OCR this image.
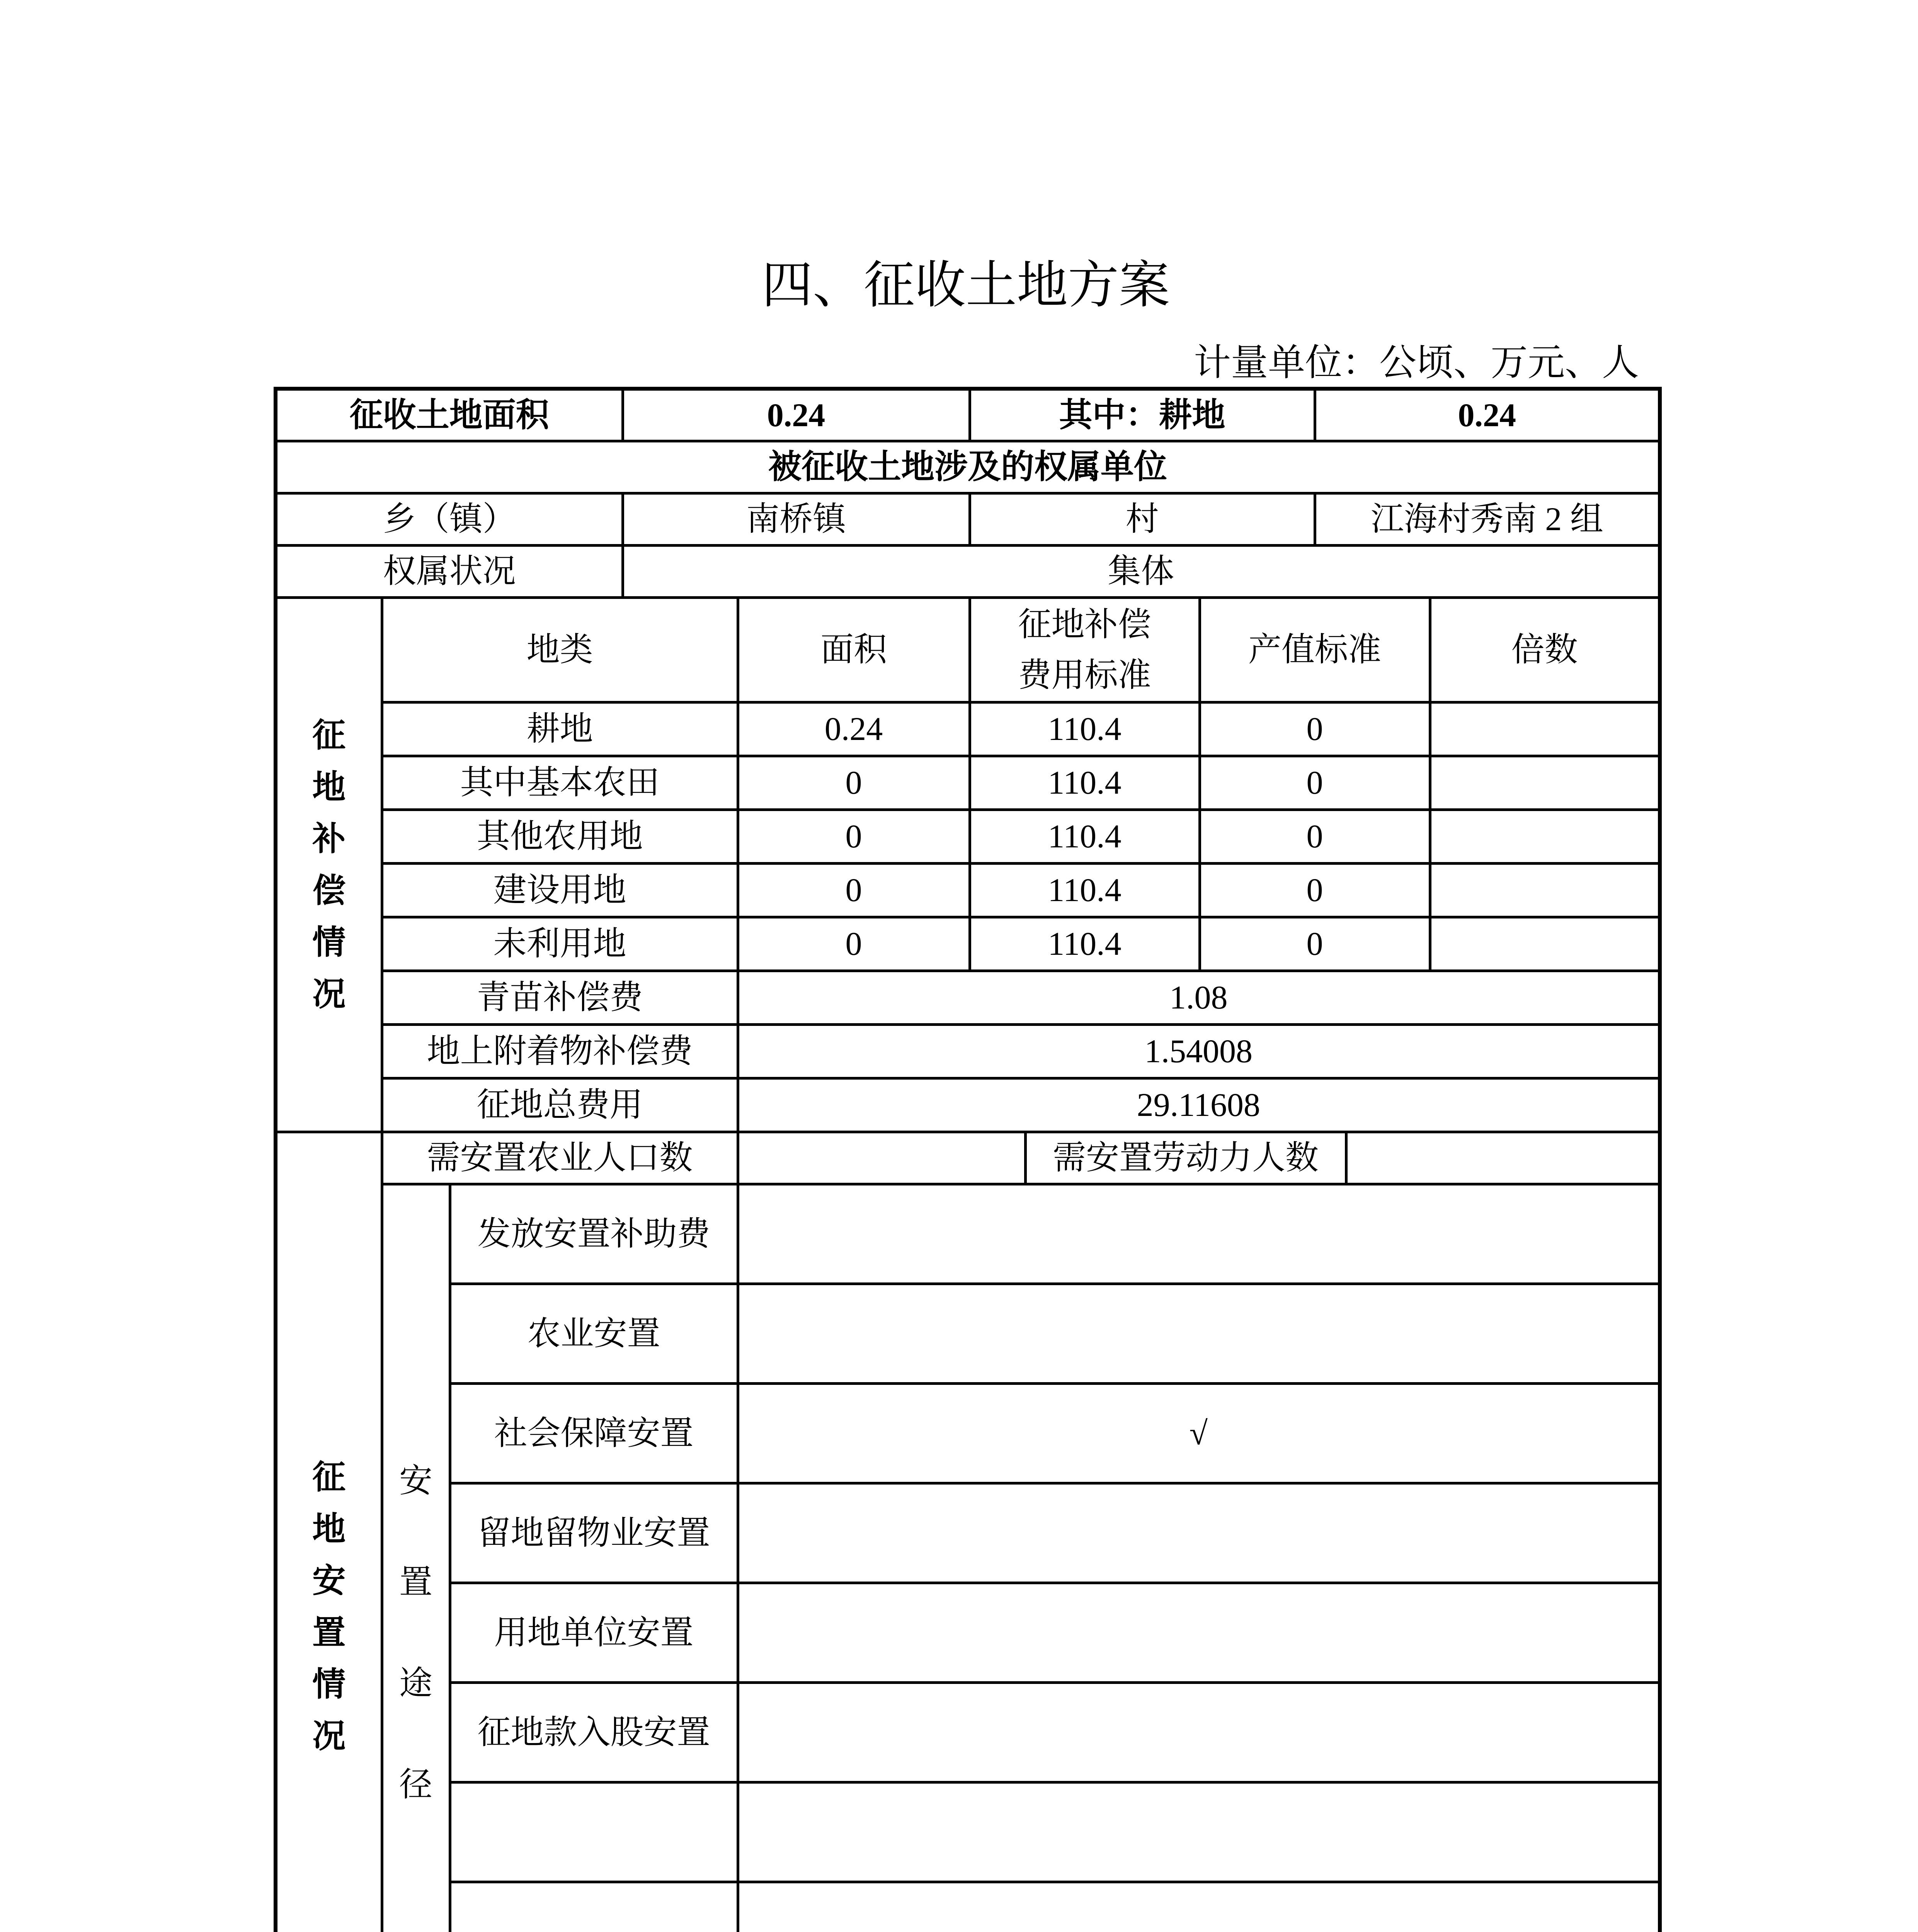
四、征收土地方案
计量单位：公顷、万元、人
征收土地面积			0.24		其中：耕地			0.24		
被征收土地涉及的权属单位										
乡（镇）			南桥镇		村			江海村秀南 2 组		
权属状况			集体							
征地补偿情况	地类			面积	征地补偿费用标准		产值标准			倍数
	耕地			0.24	110.4		0			
	其中基本农田			0	110.4		0			
	其他农用地			0	110.4		0			
	建设用地			0	110.4		0			
	未利用地			0	110.4		0			
	青苗补偿费			1.08						
	地上附着物补偿费			1.54008						
	征地总费用			29.11608						
征地安置情况	需安置农业人口数					需安置劳动力人数				
	安置途径	发放安置补助费								
		农业安置								
		社会保障安置		√						
		留地留物业安置								
		用地单位安置								
		征地款入股安置								
